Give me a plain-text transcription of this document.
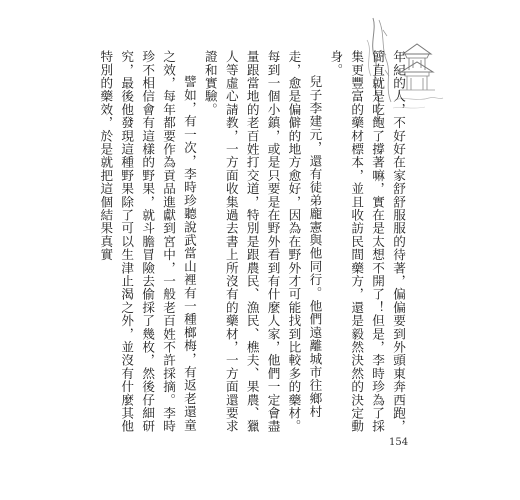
年紀的人，不好好在家舒舒服服的待著，偏偏要到外頭東奔西跑，簡直就是吃飽了撐著嘛，實在是太想不開了！但是，李時珍為了採集更豐富的藥材標本，並且收訪民間藥方，還是毅然決然的決定動身。

兒子李建元，還有徒弟龐憲與他同行。他們遠離城市往鄉村走，愈是偏僻的地方愈好，因為在野外才可能找到比較多的藥材。每到一個小鎮，或是只要是在野外看到有什麼人家，他們一定會盡量跟當地的老百姓打交道，特別是跟農民、漁民、樵夫、果農、獵人等虛心請教，一方面收集過去書上所沒有的藥材，一方面還要求證和實驗。

譬如，有一次，李時珍聽說武當山裡有一種榔梅，有返老還童之效，每年都要作為貢品進獻到宮中，一般老百姓不許採摘。李時珍不相信會有這樣的野果，就斗膽冒險去偷採了幾枚，然後仔細研究，最後他發現這種野果除了可以生津止渴之外，並沒有什麼其他特別的藥效，於是就把這個結果真實

154
